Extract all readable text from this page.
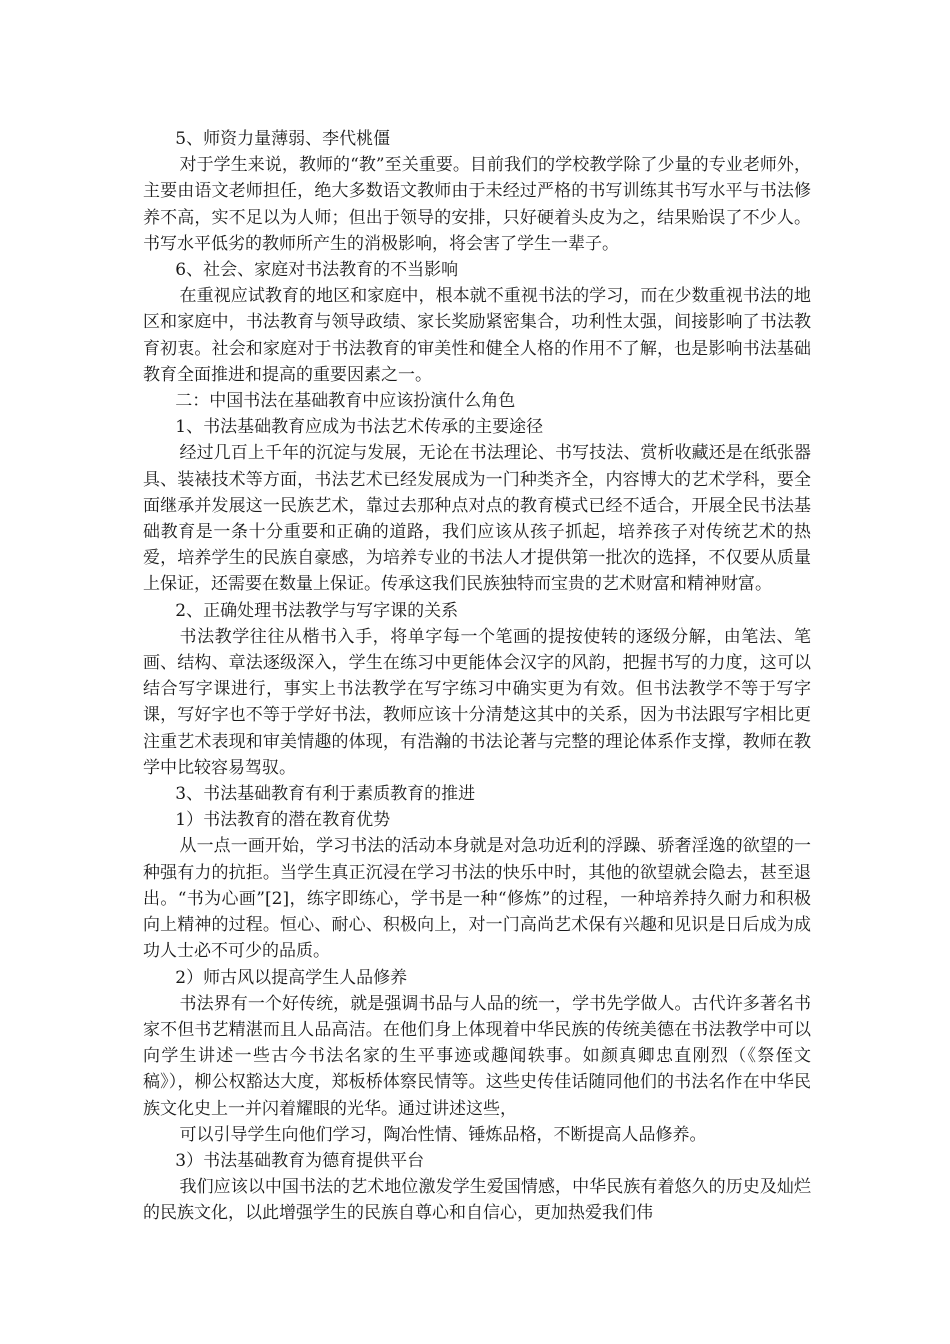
5、师资力量薄弱、李代桃僵

对于学生来说，教师的“教”至关重要。目前我们的学校教学除了少量的专业老师外，主要由语文老师担任，绝大多数语文教师由于未经过严格的书写训练其书写水平与书法修养不高，实不足以为人师；但出于领导的安排，只好硬着头皮为之，结果贻误了不少人。书写水平低劣的教师所产生的消极影响，将会害了学生一辈子。

6、社会、家庭对书法教育的不当影响

在重视应试教育的地区和家庭中，根本就不重视书法的学习，而在少数重视书法的地区和家庭中，书法教育与领导政绩、家长奖励紧密集合，功利性太强，间接影响了书法教育初衷。社会和家庭对于书法教育的审美性和健全人格的作用不了解，也是影响书法基础教育全面推进和提高的重要因素之一。

二：中国书法在基础教育中应该扮演什么角色

1、书法基础教育应成为书法艺术传承的主要途径

经过几百上千年的沉淀与发展，无论在书法理论、书写技法、赏析收藏还是在纸张器具、装裱技术等方面，书法艺术已经发展成为一门种类齐全，内容博大的艺术学科，要全面继承并发展这一民族艺术，靠过去那种点对点的教育模式已经不适合，开展全民书法基础教育是一条十分重要和正确的道路，我们应该从孩子抓起，培养孩子对传统艺术的热爱，培养学生的民族自豪感，为培养专业的书法人才提供第一批次的选择，不仅要从质量上保证，还需要在数量上保证。传承这我们民族独特而宝贵的艺术财富和精神财富。

2、正确处理书法教学与写字课的关系

书法教学往往从楷书入手，将单字每一个笔画的提按使转的逐级分解，由笔法、笔画、结构、章法逐级深入，学生在练习中更能体会汉字的风韵，把握书写的力度，这可以结合写字课进行，事实上书法教学在写字练习中确实更为有效。但书法教学不等于写字课，写好字也不等于学好书法，教师应该十分清楚这其中的关系，因为书法跟写字相比更注重艺术表现和审美情趣的体现，有浩瀚的书法论著与完整的理论体系作支撑，教师在教学中比较容易驾驭。

3、书法基础教育有利于素质教育的推进

1）书法教育的潜在教育优势

从一点一画开始，学习书法的活动本身就是对急功近利的浮躁、骄奢淫逸的欲望的一种强有力的抗拒。当学生真正沉浸在学习书法的快乐中时，其他的欲望就会隐去，甚至退出。“书为心画”[2]，练字即练心，学书是一种“修炼”的过程，一种培养持久耐力和积极向上精神的过程。恒心、耐心、积极向上，对一门高尚艺术保有兴趣和见识是日后成为成功人士必不可少的品质。

2）师古风以提高学生人品修养

书法界有一个好传统，就是强调书品与人品的统一，学书先学做人。古代许多著名书家不但书艺精湛而且人品高洁。在他们身上体现着中华民族的传统美德在书法教学中可以向学生讲述一些古今书法名家的生平事迹或趣闻轶事。如颜真卿忠直刚烈（《祭侄文稿》），柳公权豁达大度，郑板桥体察民情等。这些史传佳话随同他们的书法名作在中华民族文化史上一并闪着耀眼的光华。通过讲述这些，

可以引导学生向他们学习，陶冶性情、锤炼品格，不断提高人品修养。

3）书法基础教育为德育提供平台

我们应该以中国书法的艺术地位激发学生爱国情感，中华民族有着悠久的历史及灿烂的民族文化，以此增强学生的民族自尊心和自信心，更加热爱我们伟
